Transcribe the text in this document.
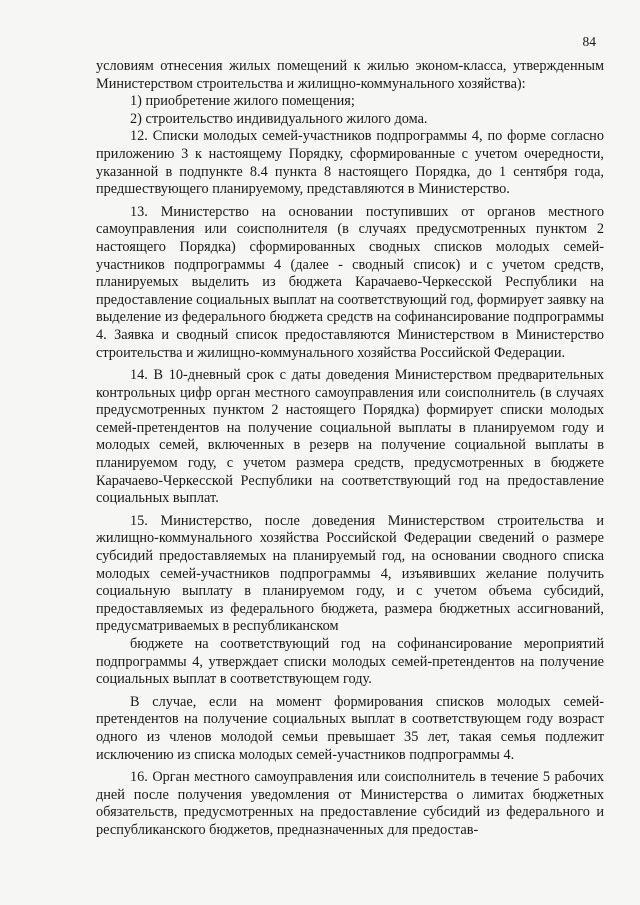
84

условиям отнесения жилых помещений к жилью эконом-класса, утвержденным Министерством строительства и жилищно-коммунального хозяйства):

1) приобретение жилого помещения;

2) строительство индивидуального жилого дома.

12. Списки молодых семей-участников подпрограммы 4, по форме согласно приложению 3 к настоящему Порядку, сформированные с учетом очередности, указанной в подпункте 8.4 пункта 8 настоящего Порядка, до 1 сентября года, предшествующего планируемому, представляются в Министерство.

13. Министерство на основании поступивших от органов местного самоуправления или соисполнителя (в случаях предусмотренных пунктом 2 настоящего Порядка) сформированных сводных списков молодых семей-участников подпрограммы 4 (далее - сводный список) и с учетом средств, планируемых выделить из бюджета Карачаево-Черкесской Республики на предоставление социальных выплат на соответствующий год, формирует заявку на выделение из федерального бюджета средств на софинансирование подпрограммы 4. Заявка и сводный список предоставляются Министерством в Министерство строительства и жилищно-коммунального хозяйства Российской Федерации.

14. В 10-дневный срок с даты доведения Министерством предварительных контрольных цифр орган местного самоуправления или соисполнитель (в случаях предусмотренных пунктом 2 настоящего Порядка) формирует списки молодых семей-претендентов на получение социальной выплаты в планируемом году и молодых семей, включенных в резерв на получение социальной выплаты в планируемом году, с учетом размера средств, предусмотренных в бюджете Карачаево-Черкесской Республики на соответствующий год на предоставление социальных выплат.

15. Министерство, после доведения Министерством строительства и жилищно-коммунального хозяйства Российской Федерации сведений о размере субсидий предоставляемых на планируемый год, на основании сводного списка молодых семей-участников подпрограммы 4, изъявивших желание получить социальную выплату в планируемом году, и с учетом объема субсидий, предоставляемых из федерального бюджета, размера бюджетных ассигнований, предусматриваемых в республиканском

бюджете на соответствующий год на софинансирование мероприятий подпрограммы 4, утверждает списки молодых семей-претендентов на получение социальных выплат в соответствующем году.

В случае, если на момент формирования списков молодых семей-претендентов на получение социальных выплат в соответствующем году возраст одного из членов молодой семьи превышает 35 лет, такая семья подлежит исключению из списка молодых семей-участников подпрограммы 4.

16. Орган местного самоуправления или соисполнитель в течение 5 рабочих дней после получения уведомления от Министерства о лимитах бюджетных обязательств, предусмотренных на предоставление субсидий из федерального и республиканского бюджетов, предназначенных для предостав-
